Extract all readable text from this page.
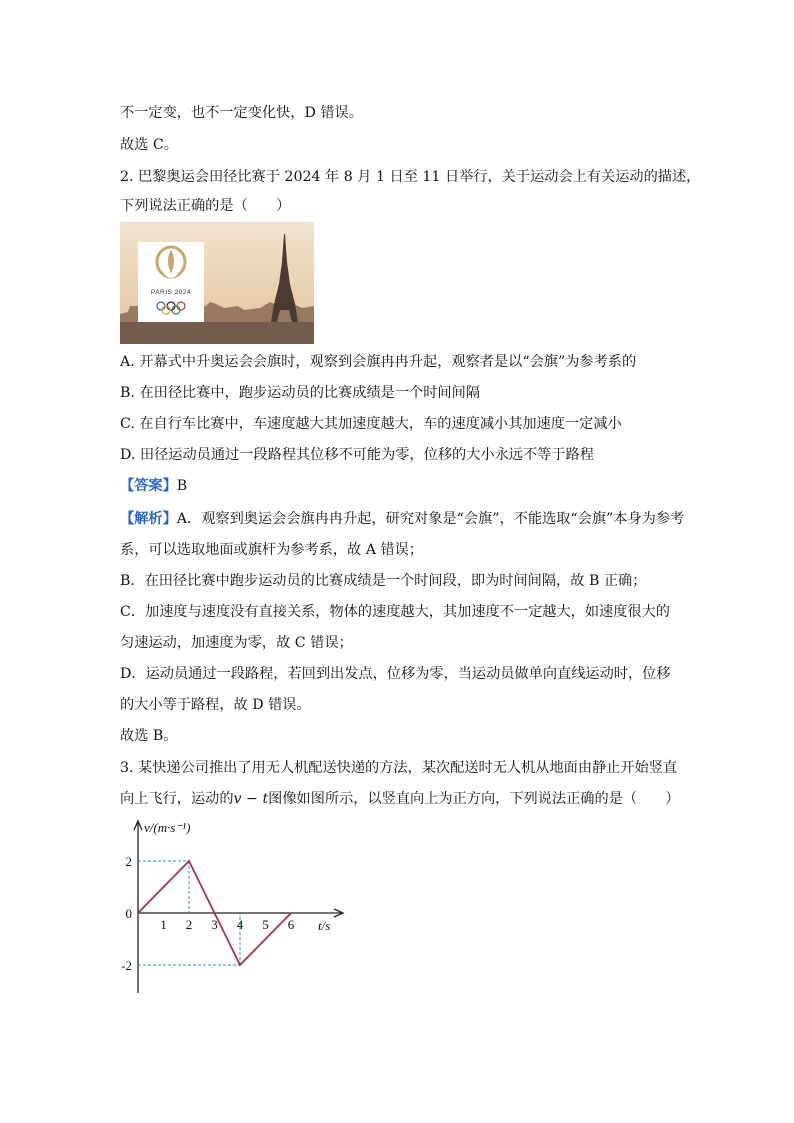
不一定变，也不一定变化快，D 错误。
故选 C。
2. 巴黎奥运会田径比赛于 2024 年 8 月 1 日至 11 日举行，关于运动会上有关运动的描述，
下列说法正确的是（　　）
PARIS 2024
A. 开幕式中升奥运会会旗时，观察到会旗冉冉升起，观察者是以“会旗”为参考系的
B. 在田径比赛中，跑步运动员的比赛成绩是一个时间间隔
C. 在自行车比赛中，车速度越大其加速度越大，车的速度减小其加速度一定减小
D. 田径运动员通过一段路程其位移不可能为零，位移的大小永远不等于路程
【答案】B
【解析】A．观察到奥运会会旗冉冉升起，研究对象是“会旗”，不能选取“会旗”本身为参考
系，可以选取地面或旗杆为参考系，故 A 错误；
B．在田径比赛中跑步运动员的比赛成绩是一个时间段，即为时间间隔，故 B 正确；
C．加速度与速度没有直接关系，物体的速度越大，其加速度不一定越大，如速度很大的
匀速运动，加速度为零，故 C 错误；
D．运动员通过一段路程，若回到出发点，位移为零，当运动员做单向直线运动时，位移
的大小等于路程，故 D 错误。
故选 B。
3. 某快递公司推出了用无人机配送快递的方法，某次配送时无人机从地面由静止开始竖直
向上飞行，运动的v − t图像如图所示，以竖直向上为正方向，下列说法正确的是（　　）
1 2 3 4 5 6
2
0
-2
v/(m·s⁻¹)
t/s
